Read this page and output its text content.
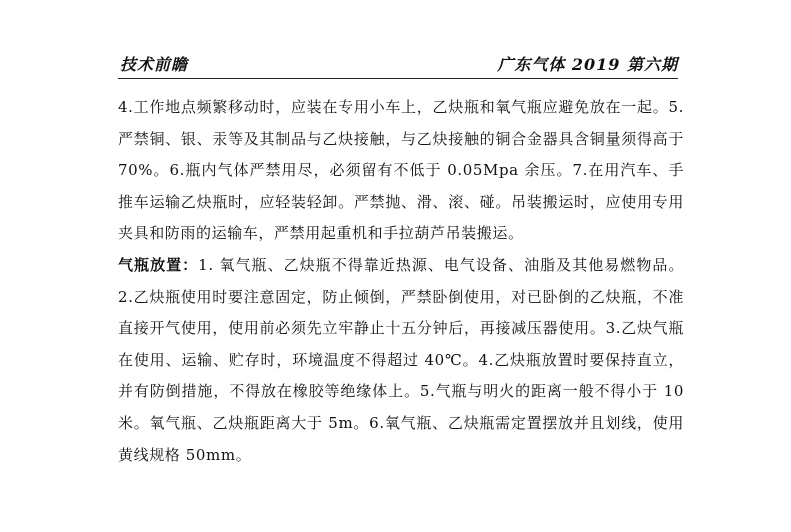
技术前瞻	广东气体 2019 第六期

4.工作地点频繁移动时，应装在专用小车上，乙炔瓶和氧气瓶应避免放在一起。5.严禁铜、银、汞等及其制品与乙炔接触，与乙炔接触的铜合金器具含铜量须得高于 70%。6.瓶内气体严禁用尽，必须留有不低于 0.05Mpa 余压。7.在用汽车、手推车运输乙炔瓶时，应轻装轻卸。严禁抛、滑、滚、碰。吊装搬运时，应使用专用夹具和防雨的运输车，严禁用起重机和手拉葫芦吊装搬运。

气瓶放置：1. 氧气瓶、乙炔瓶不得靠近热源、电气设备、油脂及其他易燃物品。2.乙炔瓶使用时要注意固定，防止倾倒，严禁卧倒使用，对已卧倒的乙炔瓶，不准直接开气使用，使用前必须先立牢静止十五分钟后，再接减压器使用。3.乙炔气瓶在使用、运输、贮存时，环境温度不得超过 40℃。4.乙炔瓶放置时要保持直立，并有防倒措施，不得放在橡胶等绝缘体上。5.气瓶与明火的距离一般不得小于 10 米。氧气瓶、乙炔瓶距离大于 5m。6.氧气瓶、乙炔瓶需定置摆放并且划线，使用黄线规格 50mm。
